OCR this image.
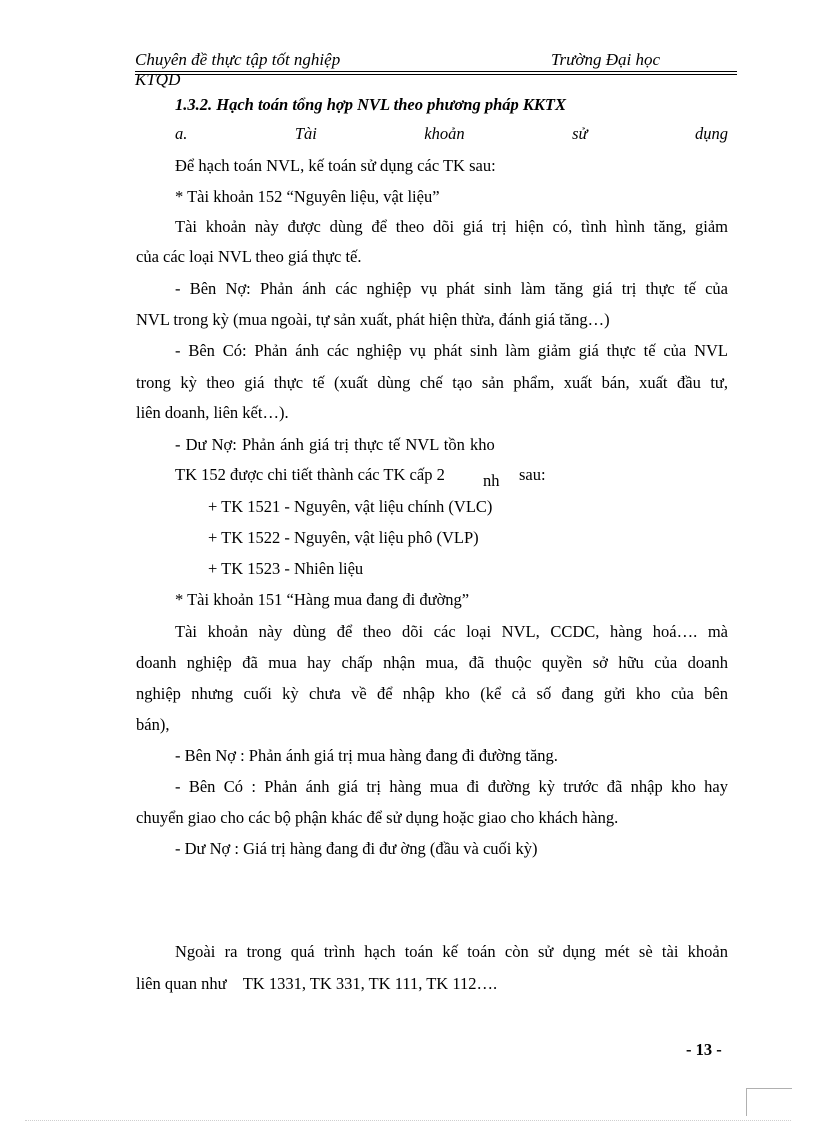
Chuyên đề thực tập tốt nghiệp	Trường Đại học
KTQD
1.3.2. Hạch toán tổng hợp NVL theo phương pháp KKTX
a.	Tài	khoản	sử	dụng
Để hạch toán NVL, kế toán sử dụng các TK sau:
* Tài khoản 152 “Nguyên liệu, vật liệu”
Tài khoản này được dùng để theo dõi giá trị hiện có, tình hình tăng, giảm
của các loại NVL theo giá thực tế.
- Bên Nợ: Phản ánh các nghiệp vụ phát sinh làm tăng giá trị thực tế của
NVL trong kỳ (mua ngoài, tự sản xuất, phát hiện thừa, đánh giá tăng…)
- Bên Có: Phản ánh các nghiệp vụ phát sinh làm giảm giá thực tế của NVL
trong kỳ theo giá thực tế (xuất dùng chế tạo sản phẩm, xuất bán, xuất đầu tư,
liên doanh, liên kết…).
- Dư Nợ: Phản ánh giá trị thực tế NVL tồn kho
TK 152 được chi tiết thành các TK cấp 2 nh sau:
+ TK 1521 - Nguyên, vật liệu chính (VLC)
+ TK 1522 - Nguyên, vật liệu phô (VLP)
+ TK 1523 - Nhiên liệu
* Tài khoản 151 “Hàng mua đang đi đường”
Tài khoản này dùng để theo dõi các loại NVL, CCDC, hàng hoá…. mà
doanh nghiệp đã mua hay chấp nhận mua, đã thuộc quyền sở hữu của doanh
nghiệp nhưng cuối kỳ chưa về để nhập kho (kể cả số đang gửi kho của bên
bán),
- Bên Nợ : Phản ánh giá trị mua hàng đang đi đường tăng.
- Bên Có : Phản ánh giá trị hàng mua đi đường kỳ trước đã nhập kho hay
chuyển giao cho các bộ phận khác để sử dụng hoặc giao cho khách hàng.
- Dư Nợ : Giá trị hàng đang đi đư ờng (đầu và cuối kỳ)
Ngoài ra trong quá trình hạch toán kế toán còn sử dụng mét sè tài khoản
liên quan như    TK 1331, TK 331, TK 111, TK 112….
- 13 -
